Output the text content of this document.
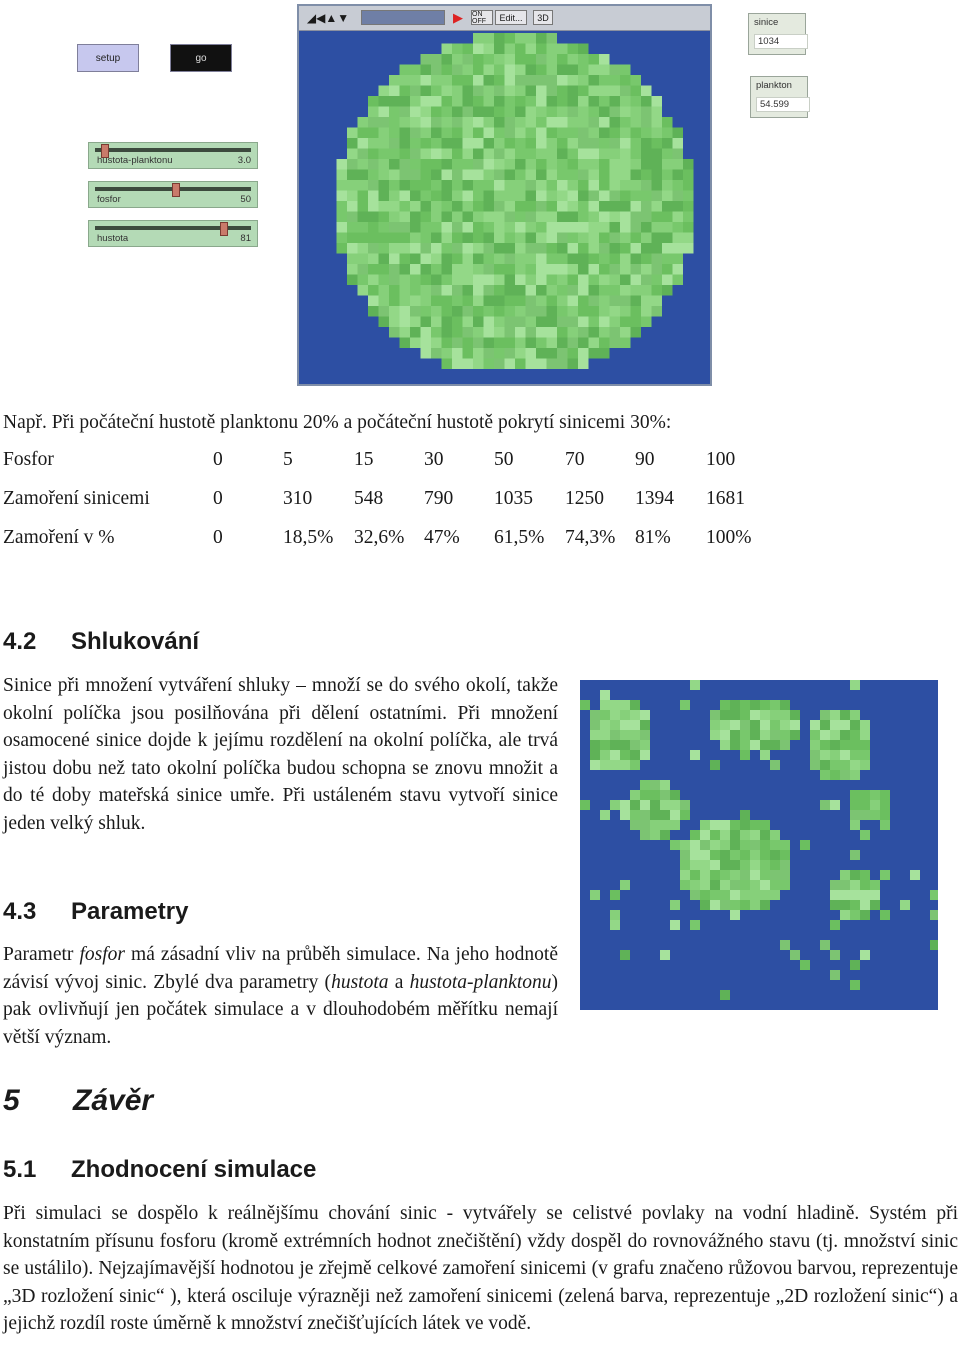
setup	go
hustota-planktonu	3.0
fosfor	50
hustota	81
sinice
1034
plankton
54.599
◢◀▲▼	▶	ON OFF	Edit... 3D
Např. Při počáteční hustotě planktonu 20% a počáteční hustotě pokrytí sinicemi 30%:
Fosfor	0	5	15	30	50	70	90	100
Zamoření sinicemi	0	310 548 790 1035 1250 1394 1681
Zamoření v %	0	18,5% 32,6% 47% 61,5% 74,3% 81% 100%
4.2 Shlukování
Sinice při množení vytváření shluky – množí se do svého okolí, takže okolní políčka jsou posilňována při dělení ostatními. Při množení osamocené sinice dojde k jejímu rozdělení na okolní políčka, ale trvá jistou dobu než tato okolní políčka budou schopna se znovu množit a do té doby mateřská sinice umře. Při ustáleném stavu vytvoří sinice jeden velký shluk.
4.3 Parametry
Parametr fosfor má zásadní vliv na průběh simulace. Na jeho hodnotě závisí vývoj sinic. Zbylé dva parametry (hustota a hustota-planktonu) pak ovlivňují jen počátek simulace a v dlouhodobém měřítku nemají větší význam.
5 Závěr
5.1 Zhodnocení simulace
Při simulaci se dospělo k reálnějšímu chování sinic - vytvářely se celistvé povlaky na vodní hladině. Systém při konstatním přísunu fosforu (kromě extrémních hodnot znečištění) vždy dospěl do rovnovážného stavu (tj. množství sinic se ustálilo). Nejzajímavější hodnotou je zřejmě celkové zamoření sinicemi (v grafu značeno růžovou barvou, reprezentuje „3D rozložení sinic“ ), která osciluje výrazněji než zamoření sinicemi (zelená barva, reprezentuje „2D rozložení sinic“) a jejichž rozdíl roste úměrně k množství znečišťujících látek ve vodě.
